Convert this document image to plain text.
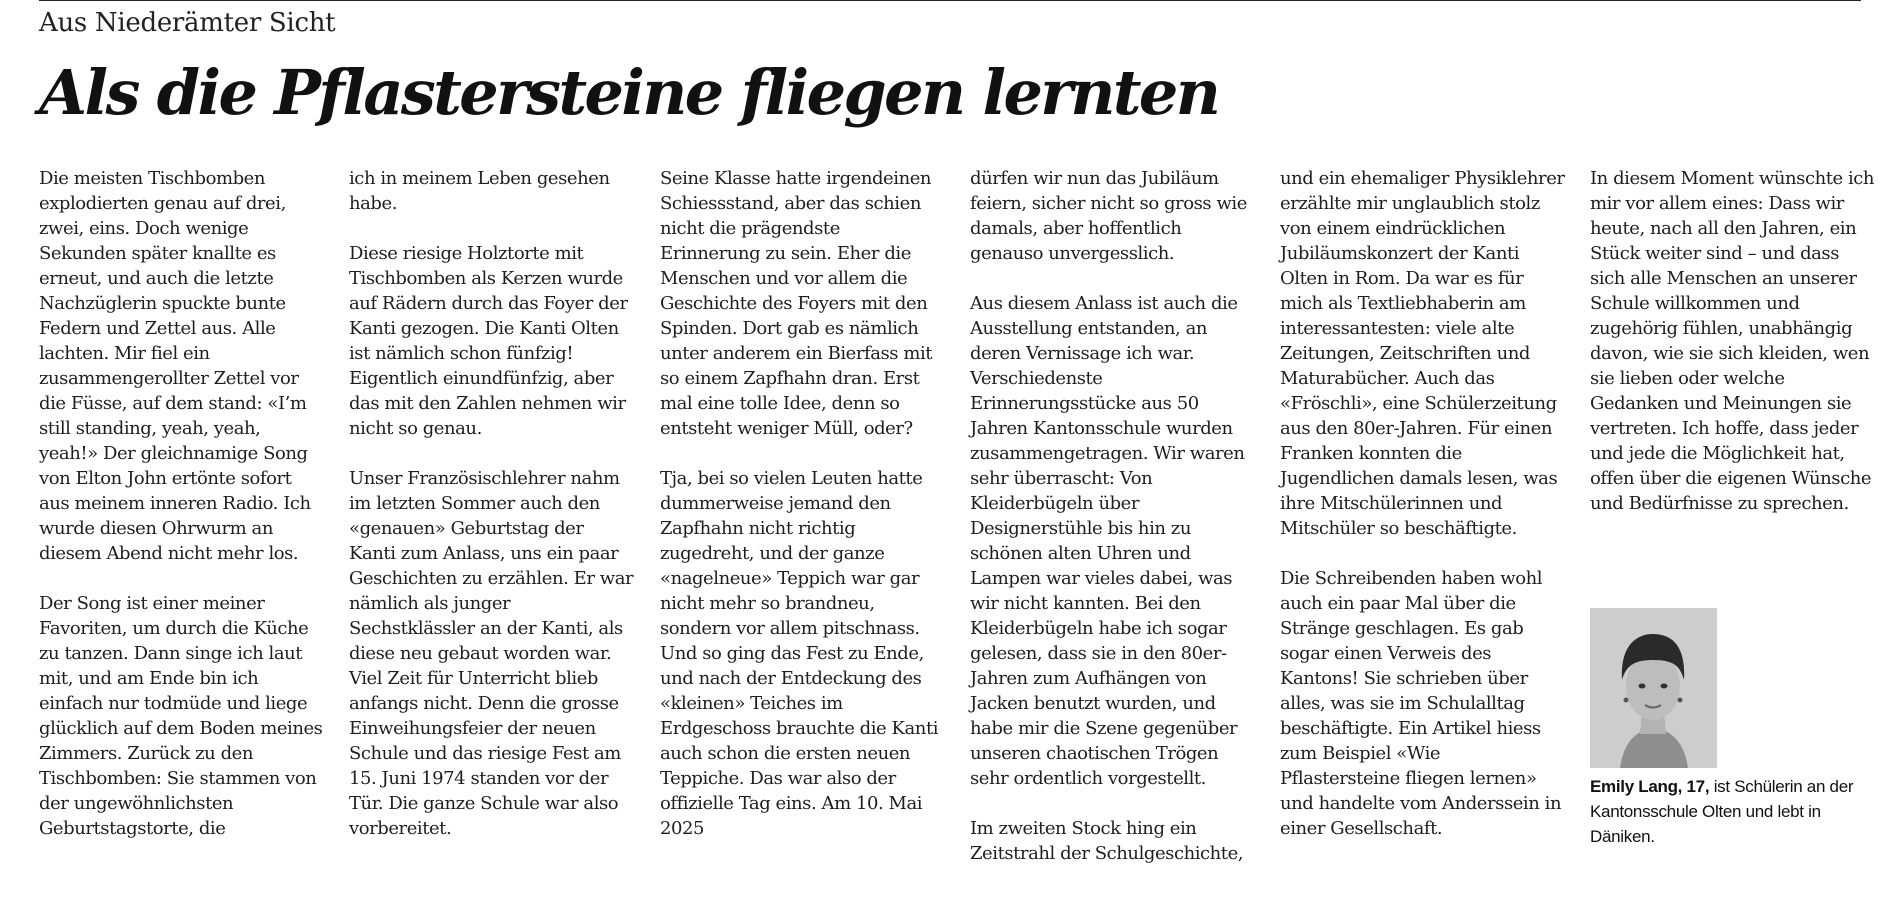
Aus Niederämter Sicht
Als die Pflastersteine fliegen lernten

Die meisten Tischbomben explodierten genau auf drei, zwei, eins. Doch wenige Sekunden später knallte es erneut, und auch die letzte Nachzüglerin spuckte bunte Federn und Zettel aus. Alle lachten. Mir fiel ein zusammengerollter Zettel vor die Füsse, auf dem stand: «I’m still standing, yeah, yeah, yeah!» Der gleichnamige Song von Elton John ertönte sofort aus meinem inneren Radio. Ich wurde diesen Ohrwurm an diesem Abend nicht mehr los.

Der Song ist einer meiner Favoriten, um durch die Küche zu tanzen. Dann singe ich laut mit, und am Ende bin ich einfach nur todmüde und liege glücklich auf dem Boden meines Zimmers. Zurück zu den Tischbomben: Sie stammen von der ungewöhnlichsten Geburtstagstorte, die

ich in meinem Leben gesehen habe.

Diese riesige Holztorte mit Tischbomben als Kerzen wurde auf Rädern durch das Foyer der Kanti gezogen. Die Kanti Olten ist nämlich schon fünfzig! Eigentlich einundfünfzig, aber das mit den Zahlen nehmen wir nicht so genau.

Unser Französischlehrer nahm im letzten Sommer auch den «genauen» Geburtstag der Kanti zum Anlass, uns ein paar Geschichten zu erzählen. Er war nämlich als junger Sechstklässler an der Kanti, als diese neu gebaut worden war. Viel Zeit für Unterricht blieb anfangs nicht. Denn die grosse Einweihungsfeier der neuen Schule und das riesige Fest am 15. Juni 1974 standen vor der Tür. Die ganze Schule war also vorbereitet.

Seine Klasse hatte irgendeinen Schiessstand, aber das schien nicht die prägendste Erinnerung zu sein. Eher die Menschen und vor allem die Geschichte des Foyers mit den Spinden. Dort gab es nämlich unter anderem ein Bierfass mit so einem Zapfhahn dran. Erst mal eine tolle Idee, denn so entsteht weniger Müll, oder?

Tja, bei so vielen Leuten hatte dummerweise jemand den Zapfhahn nicht richtig zugedreht, und der ganze «nagelneue» Teppich war gar nicht mehr so brandneu, sondern vor allem pitschnass. Und so ging das Fest zu Ende, und nach der Entdeckung des «kleinen» Teiches im Erdgeschoss brauchte die Kanti auch schon die ersten neuen Teppiche. Das war also der offizielle Tag eins. Am 10. Mai 2025

dürfen wir nun das Jubiläum feiern, sicher nicht so gross wie damals, aber hoffentlich genauso unvergesslich.

Aus diesem Anlass ist auch die Ausstellung entstanden, an deren Vernissage ich war. Verschiedenste Erinnerungsstücke aus 50 Jahren Kantonsschule wurden zusammengetragen. Wir waren sehr überrascht: Von Kleiderbügeln über Designerstühle bis hin zu schönen alten Uhren und Lampen war vieles dabei, was wir nicht kannten. Bei den Kleiderbügeln habe ich sogar gelesen, dass sie in den 80er-Jahren zum Aufhängen von Jacken benutzt wurden, und habe mir die Szene gegenüber unseren chaotischen Trögen sehr ordentlich vorgestellt.

Im zweiten Stock hing ein Zeitstrahl der Schulgeschichte,

und ein ehemaliger Physiklehrer erzählte mir unglaublich stolz von einem eindrücklichen Jubiläumskonzert der Kanti Olten in Rom. Da war es für mich als Textliebhaberin am interessantesten: viele alte Zeitungen, Zeitschriften und Maturabücher. Auch das «Fröschli», eine Schülerzeitung aus den 80er-Jahren. Für einen Franken konnten die Jugendlichen damals lesen, was ihre Mitschülerinnen und Mitschüler so beschäftigte.

Die Schreibenden haben wohl auch ein paar Mal über die Stränge geschlagen. Es gab sogar einen Verweis des Kantons! Sie schrieben über alles, was sie im Schulalltag beschäftigte. Ein Artikel hiess zum Beispiel «Wie Pflastersteine fliegen lernen» und handelte vom Anderssein in einer Gesellschaft.

In diesem Moment wünschte ich mir vor allem eines: Dass wir heute, nach all den Jahren, ein Stück weiter sind – und dass sich alle Menschen an unserer Schule willkommen und zugehörig fühlen, unabhängig davon, wie sie sich kleiden, wen sie lieben oder welche Gedanken und Meinungen sie vertreten. Ich hoffe, dass jeder und jede die Möglichkeit hat, offen über die eigenen Wünsche und Bedürfnisse zu sprechen.

Emily Lang, 17, ist Schülerin an der Kantonsschule Olten und lebt in Däniken.
